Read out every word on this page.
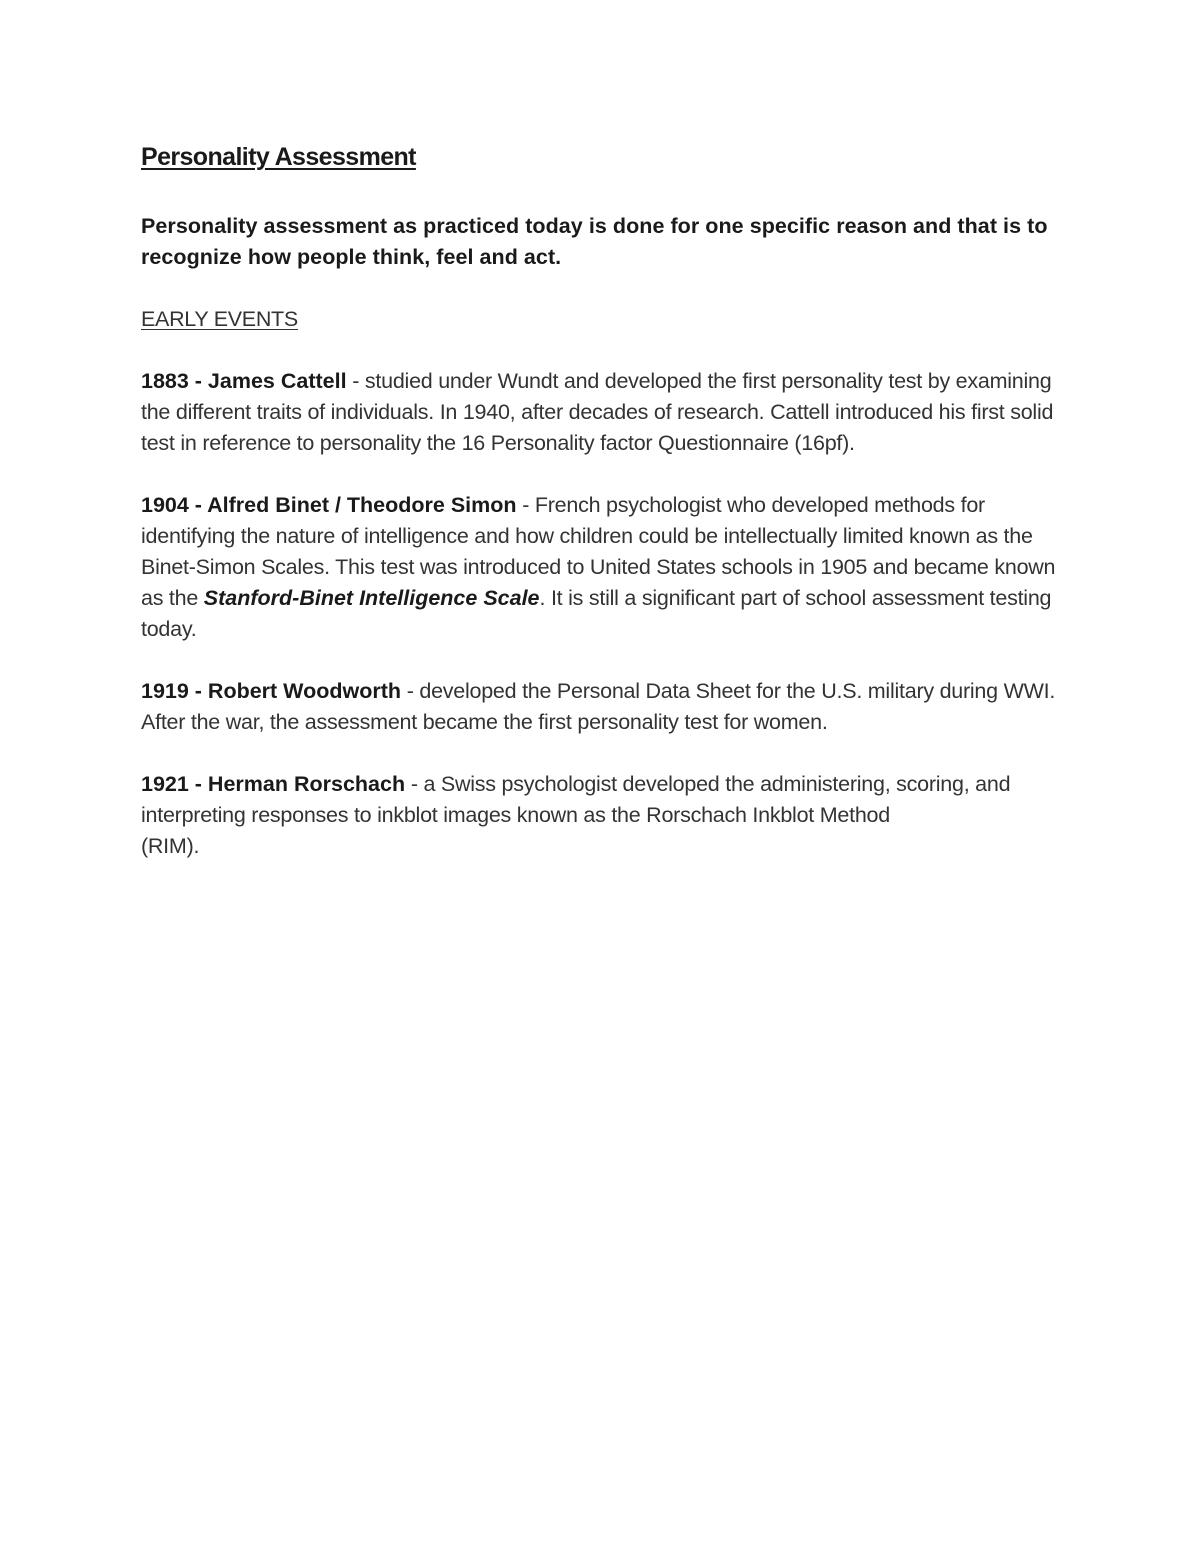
Personality Assessment

Personality assessment as practiced today is done for one specific reason and that is to recognize how people think, feel and act.

EARLY EVENTS

1883 - James Cattell - studied under Wundt and developed the first personality test by examining the different traits of individuals. In 1940, after decades of research. Cattell introduced his first solid test in reference to personality the 16 Personality factor Questionnaire (16pf).

1904 - Alfred Binet / Theodore Simon - French psychologist who developed methods for identifying the nature of intelligence and how children could be intellectually limited known as the Binet-Simon Scales. This test was introduced to United States schools in 1905 and became known as the Stanford-Binet Intelligence Scale. It is still a significant part of school assessment testing today.

1919 - Robert Woodworth - developed the Personal Data Sheet for the U.S. military during WWI. After the war, the assessment became the first personality test for women.

1921 - Herman Rorschach - a Swiss psychologist developed the administering, scoring, and interpreting responses to inkblot images known as the Rorschach Inkblot Method
(RIM).
